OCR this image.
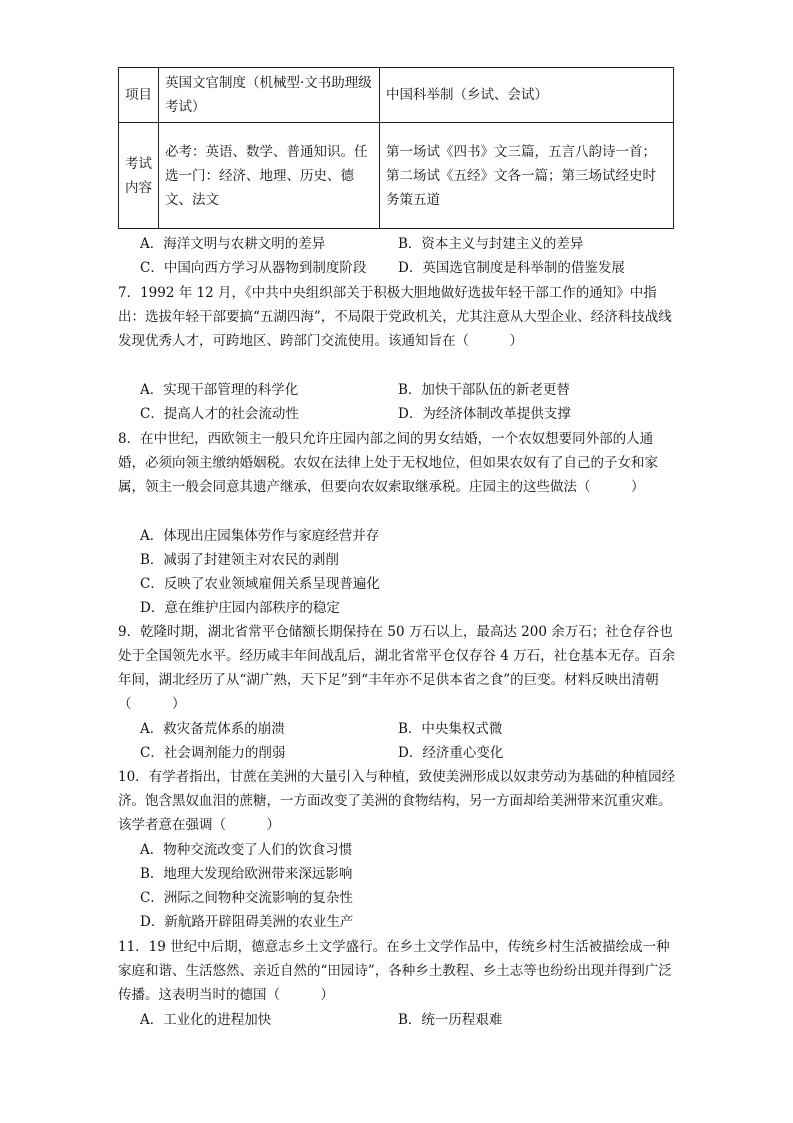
项目	英国文官制度（机械型·文书助理级考试）	中国科举制（乡试、会试）
考试内容	必考：英语、数学、普通知识。任选一门：经济、地理、历史、德文、法文	第一场试《四书》文三篇，五言八韵诗一首；第二场试《五经》文各一篇；第三场试经史时务策五道
A．海洋文明与农耕文明的差异	B．资本主义与封建主义的差异
C．中国向西方学习从器物到制度阶段 D．英国选官制度是科举制的借鉴发展
7．1992 年 12 月，《中共中央组织部关于积极大胆地做好选拔年轻干部工作的通知》中指出：选拔年轻干部要搞“五湖四海”，不局限于党政机关，尤其注意从大型企业、经济科技战线发现优秀人才，可跨地区、跨部门交流使用。该通知旨在（　　　）
A．实现干部管理的科学化	B．加快干部队伍的新老更替
C．提高人才的社会流动性	D．为经济体制改革提供支撑
8．在中世纪，西欧领主一般只允许庄园内部之间的男女结婚，一个农奴想要同外部的人通婚，必须向领主缴纳婚姻税。农奴在法律上处于无权地位，但如果农奴有了自己的子女和家属，领主一般会同意其遗产继承，但要向农奴索取继承税。庄园主的这些做法（　　　）
A．体现出庄园集体劳作与家庭经营并存
B．减弱了封建领主对农民的剥削
C．反映了农业领域雇佣关系呈现普遍化
D．意在维护庄园内部秩序的稳定
9．乾隆时期，湖北省常平仓储额长期保持在 50 万石以上，最高达 200 余万石；社仓存谷也处于全国领先水平。经历咸丰年间战乱后，湖北省常平仓仅存谷 4 万石，社仓基本无存。百余年间，湖北经历了从“湖广熟，天下足”到“丰年亦不足供本省之食”的巨变。材料反映出清朝（　　　）
A．救灾备荒体系的崩溃	B．中央集权式微
C．社会调剂能力的削弱	D．经济重心变化
10．有学者指出，甘蔗在美洲的大量引入与种植，致使美洲形成以奴隶劳动为基础的种植园经济。饱含黑奴血泪的蔗糖，一方面改变了美洲的食物结构，另一方面却给美洲带来沉重灾难。该学者意在强调（　　　）
A．物种交流改变了人们的饮食习惯
B．地理大发现给欧洲带来深远影响
C．洲际之间物种交流影响的复杂性
D．新航路开辟阻碍美洲的农业生产
11．19 世纪中后期，德意志乡土文学盛行。在乡土文学作品中，传统乡村生活被描绘成一种家庭和谐、生活悠然、亲近自然的“田园诗”，各种乡土教程、乡土志等也纷纷出现并得到广泛传播。这表明当时的德国（　　　）
A．工业化的进程加快	B．统一历程艰难
